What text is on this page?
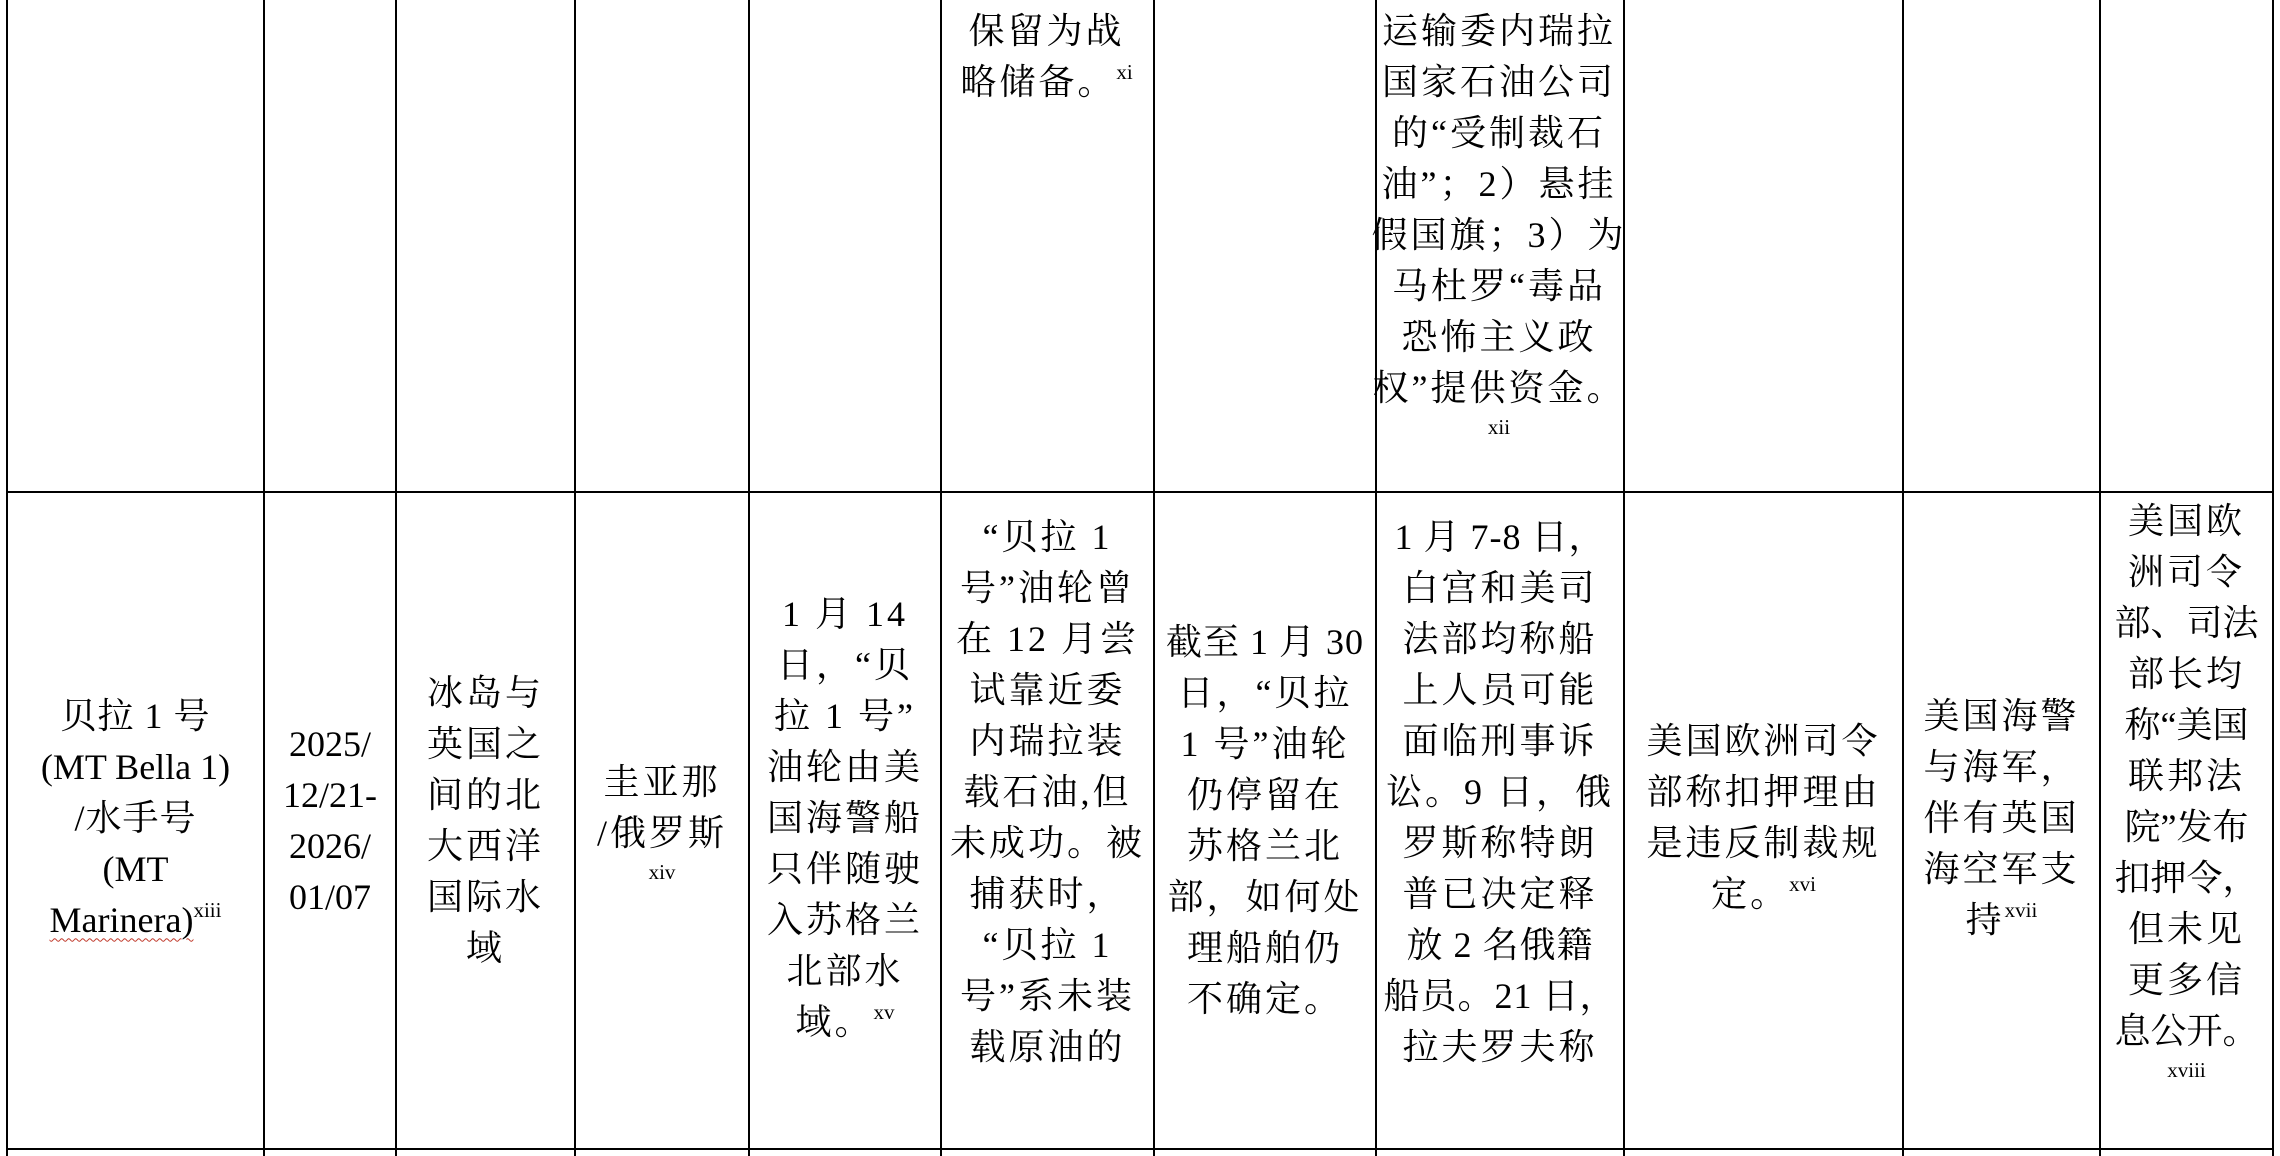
保留为战
略储备。$^{xi}$
运输委内瑞拉
国家石油公司
的“受制裁石
油”；2）悬挂
假国旗；3）为
马杜罗“毒品
恐怖主义政
权”提供资金。
xii
贝拉 1 号
(MT Bella 1)
/水手号
(MT
Marinera)$^{xiii}$
2025/
12/21-
2026/
01/07
冰岛与
英国之
间的北
大西洋
国际水
域
圭亚那
/俄罗斯
xiv
1 月 14
日，“贝
拉 1 号”
油轮由美
国海警船
只伴随驶
入苏格兰
北部水
域。$^{xv}$
“贝拉 1
号”油轮曾
在 12 月尝
试靠近委
内瑞拉装
载石油,但
未成功。被
捕获时，
“贝拉 1
号”系未装
载原油的
截至 1 月 30
日，“贝拉
1 号”油轮
仍停留在
苏格兰北
部，如何处
理船舶仍
不确定。
1 月 7-8 日，
白宫和美司
法部均称船
上人员可能
面临刑事诉
讼。9 日，俄
罗斯称特朗
普已决定释
放 2 名俄籍
船员。21 日，
拉夫罗夫称
美国欧洲司令
部称扣押理由
是违反制裁规
定。$^{xvi}$
美国海警
与海军，
伴有英国
海空军支
持$^{xvii}$
美国欧
洲司令
部、司法
部长均
称“美国
联邦法
院”发布
扣押令，
但未见
更多信
息公开。
xviii
